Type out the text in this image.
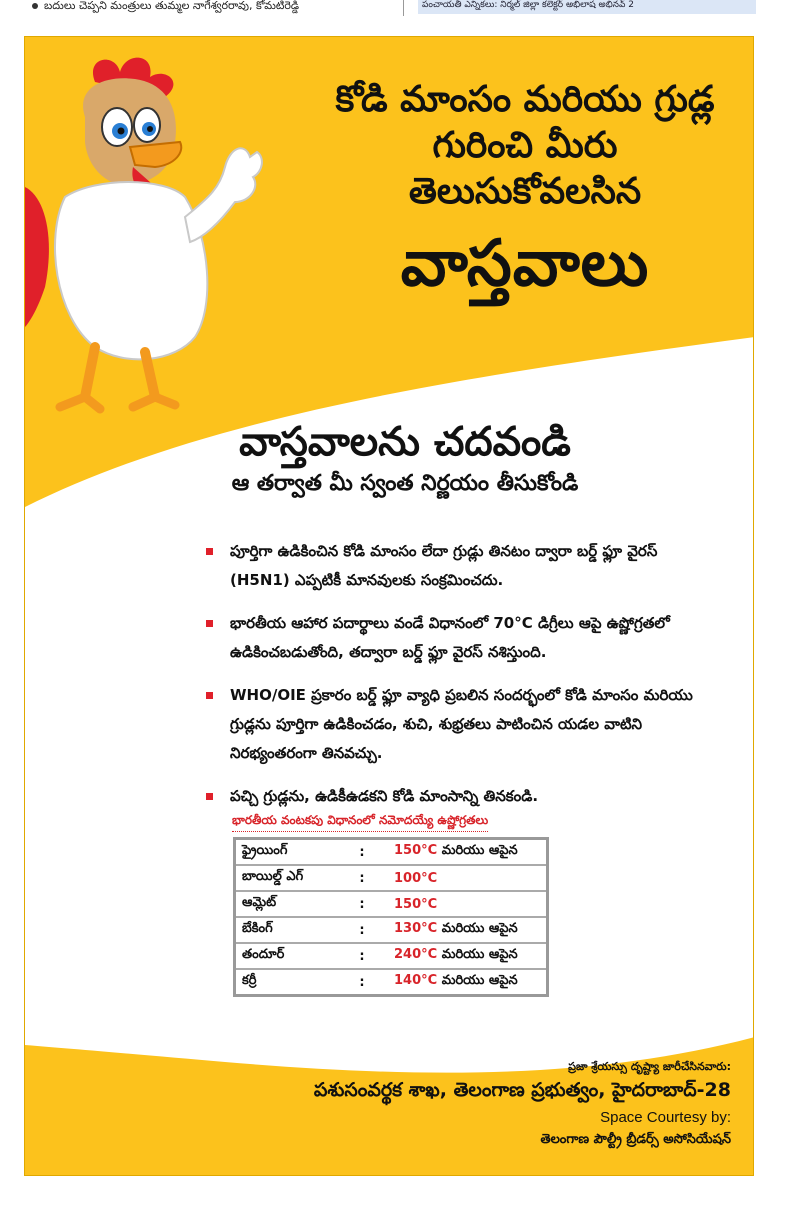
బదులు చెప్పని మంత్రులు తుమ్మల నాగేశ్వరరావు, కోమటిరెడ్డి	పంచాయతీ ఎన్నికలు: నిర్మల్ జిల్లా కలెక్టర్ అభిలాష అభినవ్ 2
కోడి మాంసం మరియు గ్రుడ్ల
గురించి మీరు తెలుసుకోవలసిన
వాస్తవాలు
వాస్తవాలను చదవండి
ఆ తర్వాత మీ స్వంత నిర్ణయం తీసుకోండి
పూర్తిగా ఉడికించిన కోడి మాంసం లేదా గ్రుడ్లు తినటం ద్వారా బర్డ్ ఫ్లూ వైరస్ (H5N1) ఎప్పటికీ మానవులకు సంక్రమించదు.
భారతీయ ఆహార పదార్థాలు వండే విధానంలో 70°C డిగ్రీలు ఆపై ఉష్ణోగ్రతలో ఉడికించబడుతోంది, తద్వారా బర్డ్ ఫ్లూ వైరస్ నశిస్తుంది.
WHO/OIE ప్రకారం బర్డ్ ఫ్లూ వ్యాధి ప్రబలిన సందర్భంలో కోడి మాంసం మరియు గ్రుడ్లను పూర్తిగా ఉడికించడం, శుచి, శుభ్రతలు పాటించిన యడల వాటిని నిరభ్యంతరంగా తినవచ్చు.
పచ్చి గ్రుడ్లను, ఉడికీఉడకని కోడి మాంసాన్ని తినకండి.
భారతీయ వంటకపు విధానంలో నమోదయ్యే ఉష్ణోగ్రతలు
ఫ్రైయింగ్	:	150°C మరియు ఆపైన
బాయిల్డ్ ఎగ్	:	100°C
ఆమ్లెట్	:	150°C
బేకింగ్	:	130°C మరియు ఆపైన
తందూర్	:	240°C మరియు ఆపైన
కర్రీ	:	140°C మరియు ఆపైన
ప్రజా శ్రేయస్సు దృష్ట్యా జారీచేసినవారు:
పశుసంవర్థక శాఖ, తెలంగాణ ప్రభుత్వం, హైదరాబాద్-28
Space Courtesy by:
తెలంగాణ పౌల్ట్రీ బ్రీడర్స్ అసోసియేషన్
